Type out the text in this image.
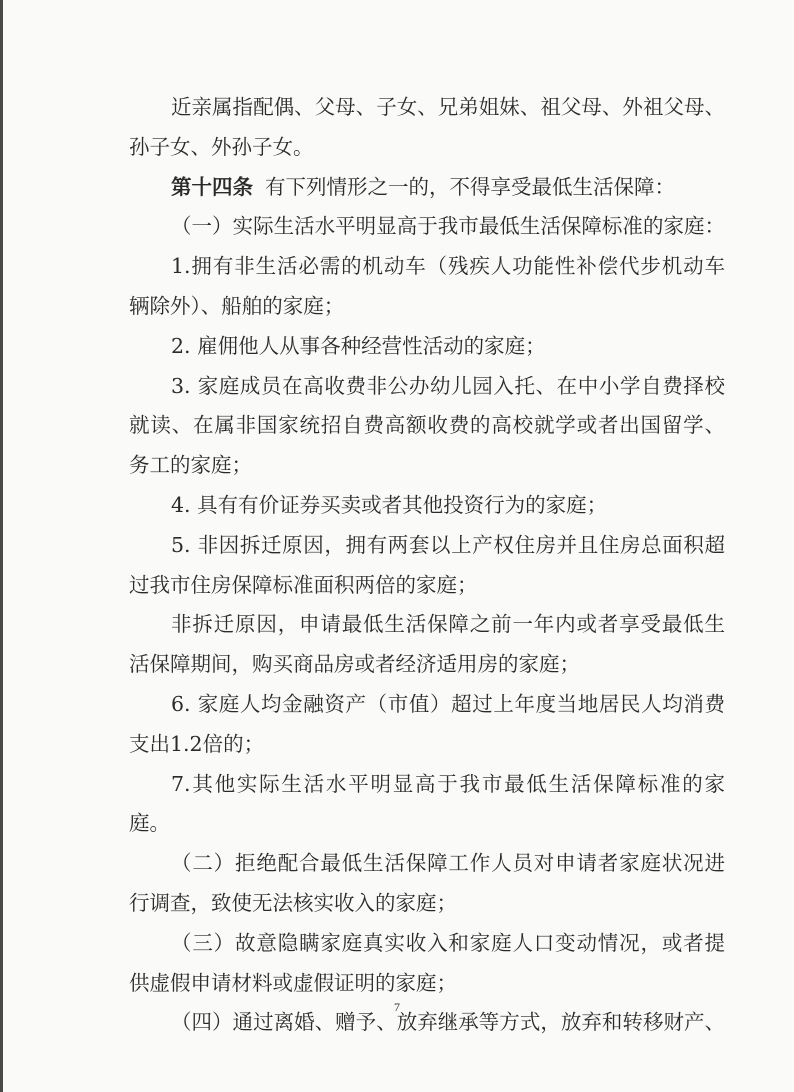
近亲属指配偶、父母、子女、兄弟姐妹、祖父母、外祖父母、
孙子女、外孙子女。
第十四条 有下列情形之一的，不得享受最低生活保障：
（一）实际生活水平明显高于我市最低生活保障标准的家庭：
1.拥有非生活必需的机动车（残疾人功能性补偿代步机动车
辆除外）、船舶的家庭；
2. 雇佣他人从事各种经营性活动的家庭；
3. 家庭成员在高收费非公办幼儿园入托、在中小学自费择校
就读、在属非国家统招自费高额收费的高校就学或者出国留学、
务工的家庭；
4. 具有有价证券买卖或者其他投资行为的家庭；
5. 非因拆迁原因，拥有两套以上产权住房并且住房总面积超
过我市住房保障标准面积两倍的家庭；
非拆迁原因，申请最低生活保障之前一年内或者享受最低生
活保障期间，购买商品房或者经济适用房的家庭；
6. 家庭人均金融资产（市值）超过上年度当地居民人均消费
支出1.2倍的；
7.其他实际生活水平明显高于我市最低生活保障标准的家
庭。
（二）拒绝配合最低生活保障工作人员对申请者家庭状况进
行调查，致使无法核实收入的家庭；
（三）故意隐瞒家庭真实收入和家庭人口变动情况，或者提
供虚假申请材料或虚假证明的家庭；
（四）通过离婚、赠予、放弃继承等方式，放弃和转移财产、
7
